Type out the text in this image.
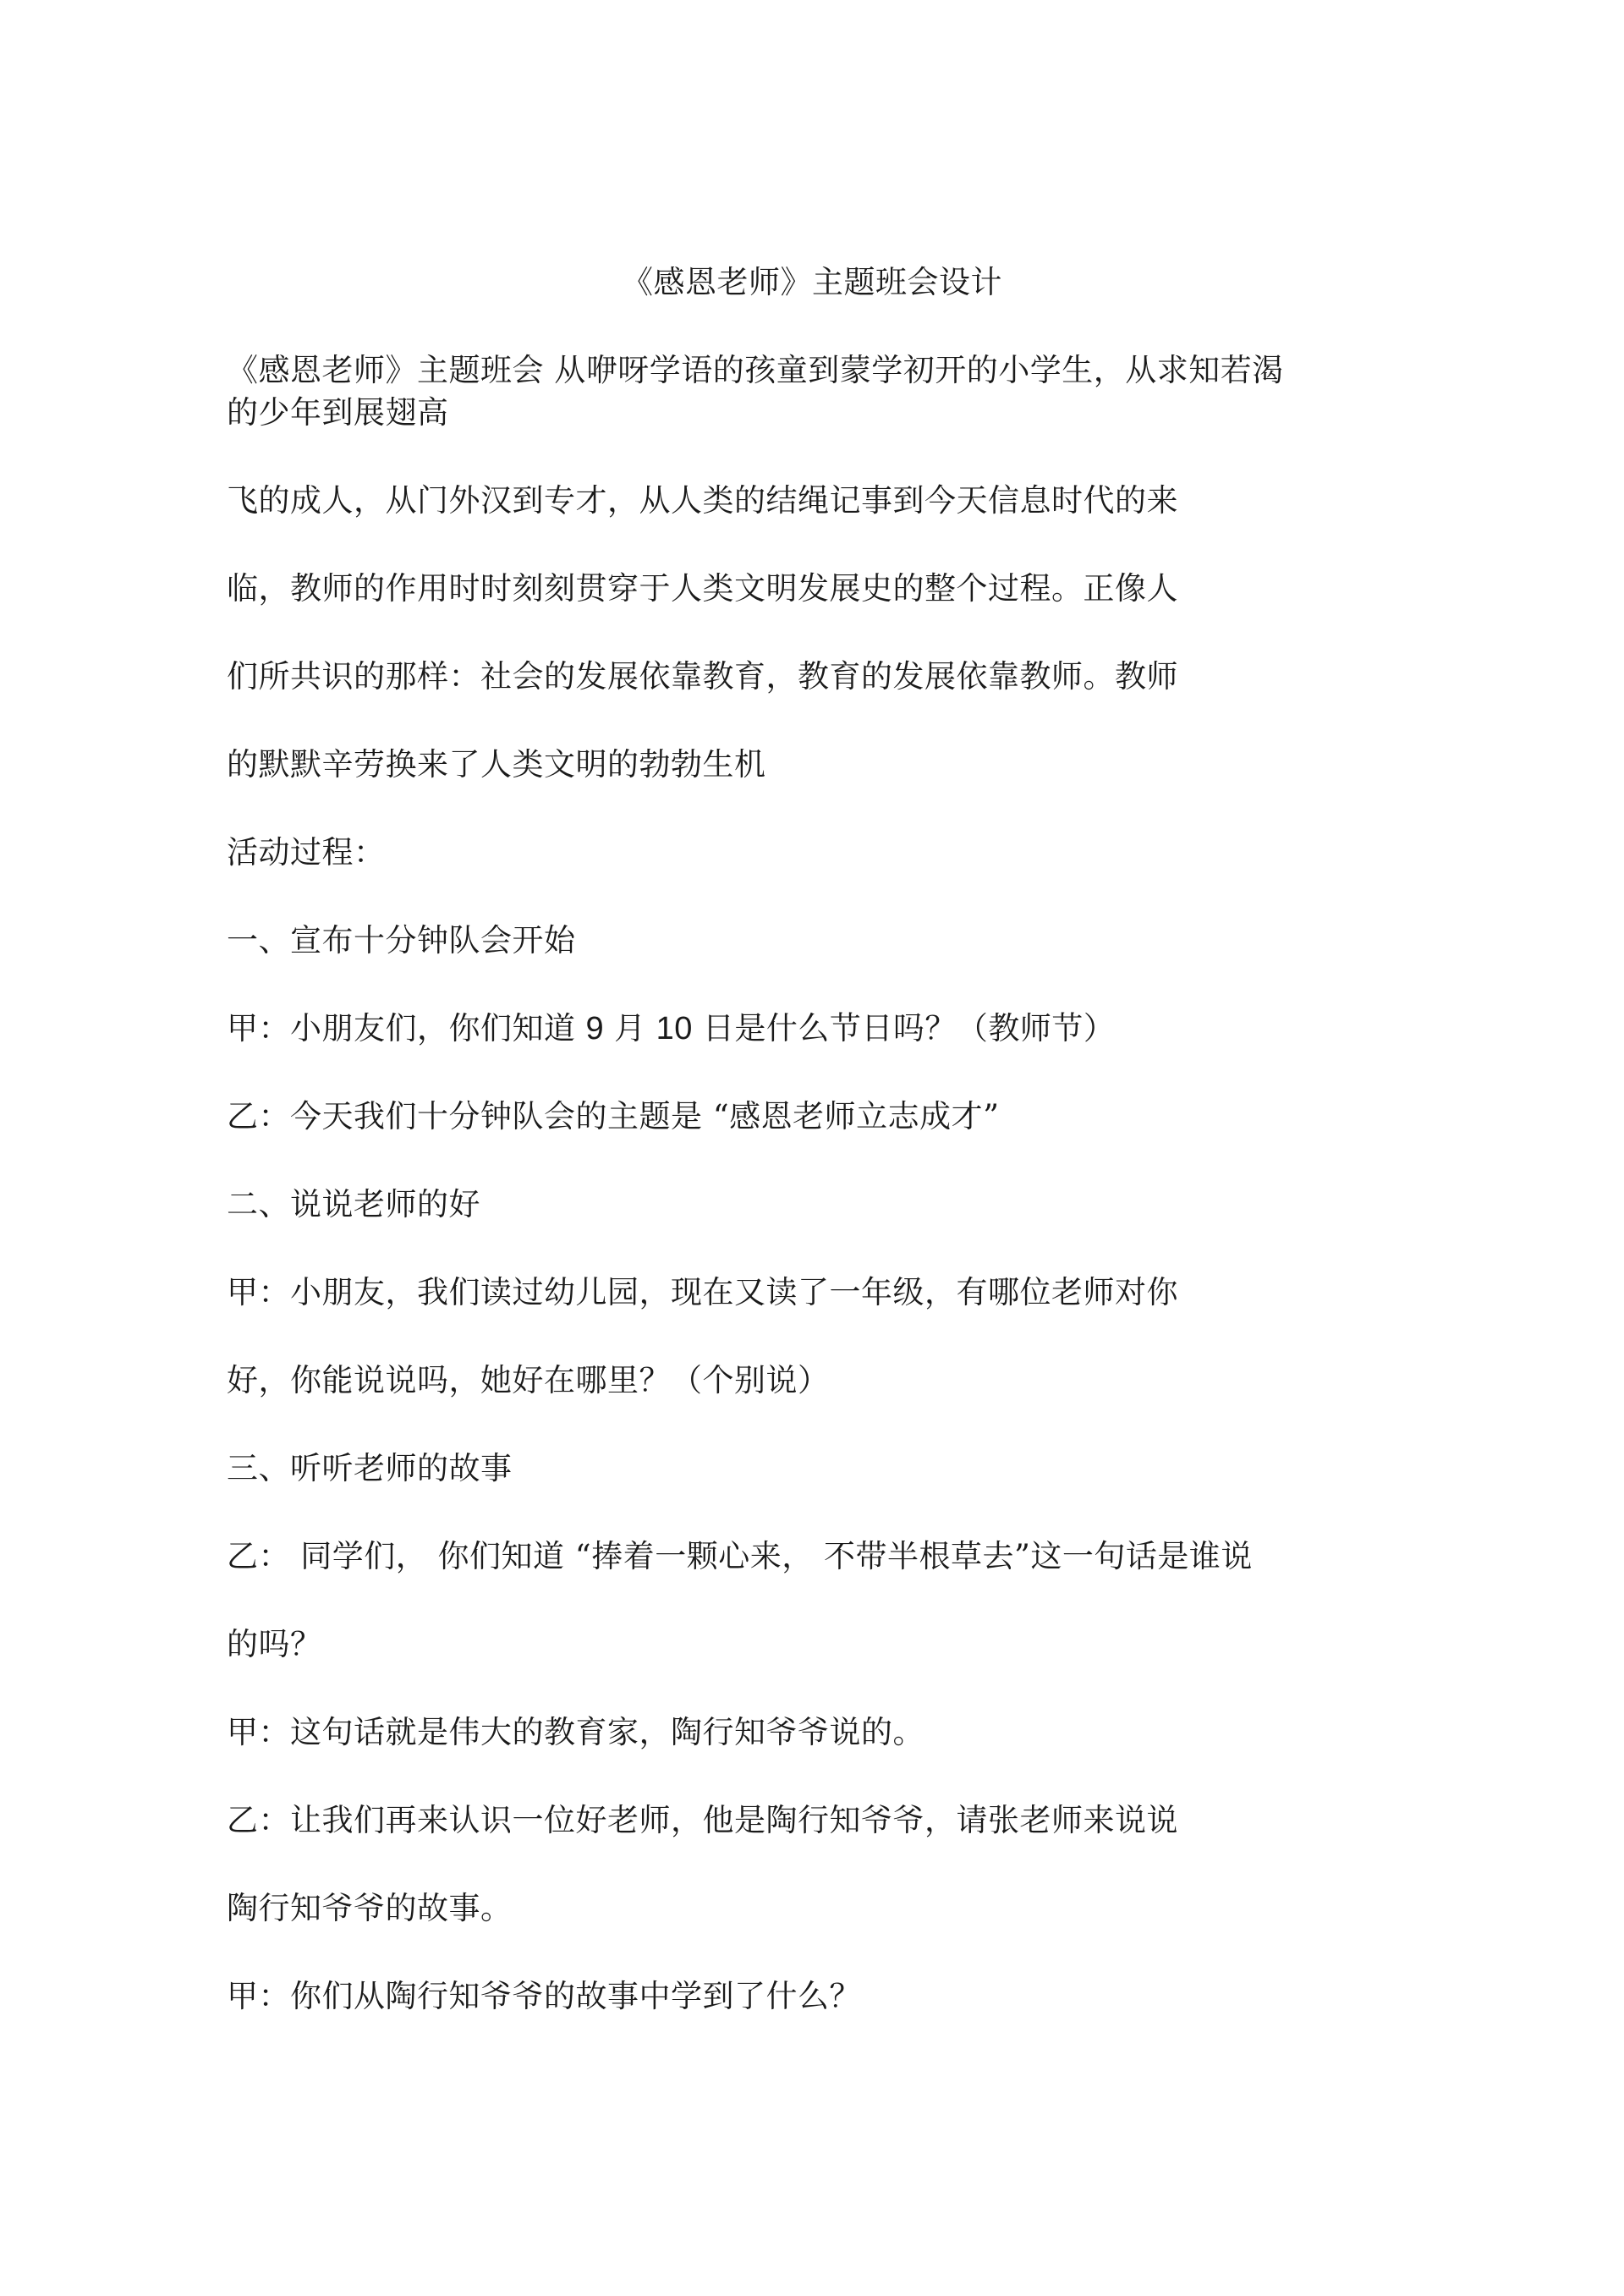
《感恩老师》主题班会设计
《感恩老师》主题班会 从咿呀学语的孩童到蒙学初开的小学生，从求知若渴
的少年到展翅高
飞的成人，从门外汉到专才，从人类的结绳记事到今天信息时代的来
临，教师的作用时时刻刻贯穿于人类文明发展史的整个过程。正像人
们所共识的那样：社会的发展依靠教育，教育的发展依靠教师。教师
的默默辛劳换来了人类文明的勃勃生机
活动过程：
一、宣布十分钟队会开始
甲：小朋友们，你们知道 9 月 10 日是什么节日吗？（教师节）
乙：今天我们十分钟队会的主题是 “感恩老师立志成才”
二、说说老师的好
甲：小朋友，我们读过幼儿园，现在又读了一年级，有哪位老师对你
好，你能说说吗，她好在哪里？（个别说）
三、听听老师的故事
乙： 同学们， 你们知道 “捧着一颗心来， 不带半根草去”这一句话是谁说
的吗？
甲：这句话就是伟大的教育家，陶行知爷爷说的。
乙：让我们再来认识一位好老师，他是陶行知爷爷，请张老师来说说
陶行知爷爷的故事。
甲：你们从陶行知爷爷的故事中学到了什么？
